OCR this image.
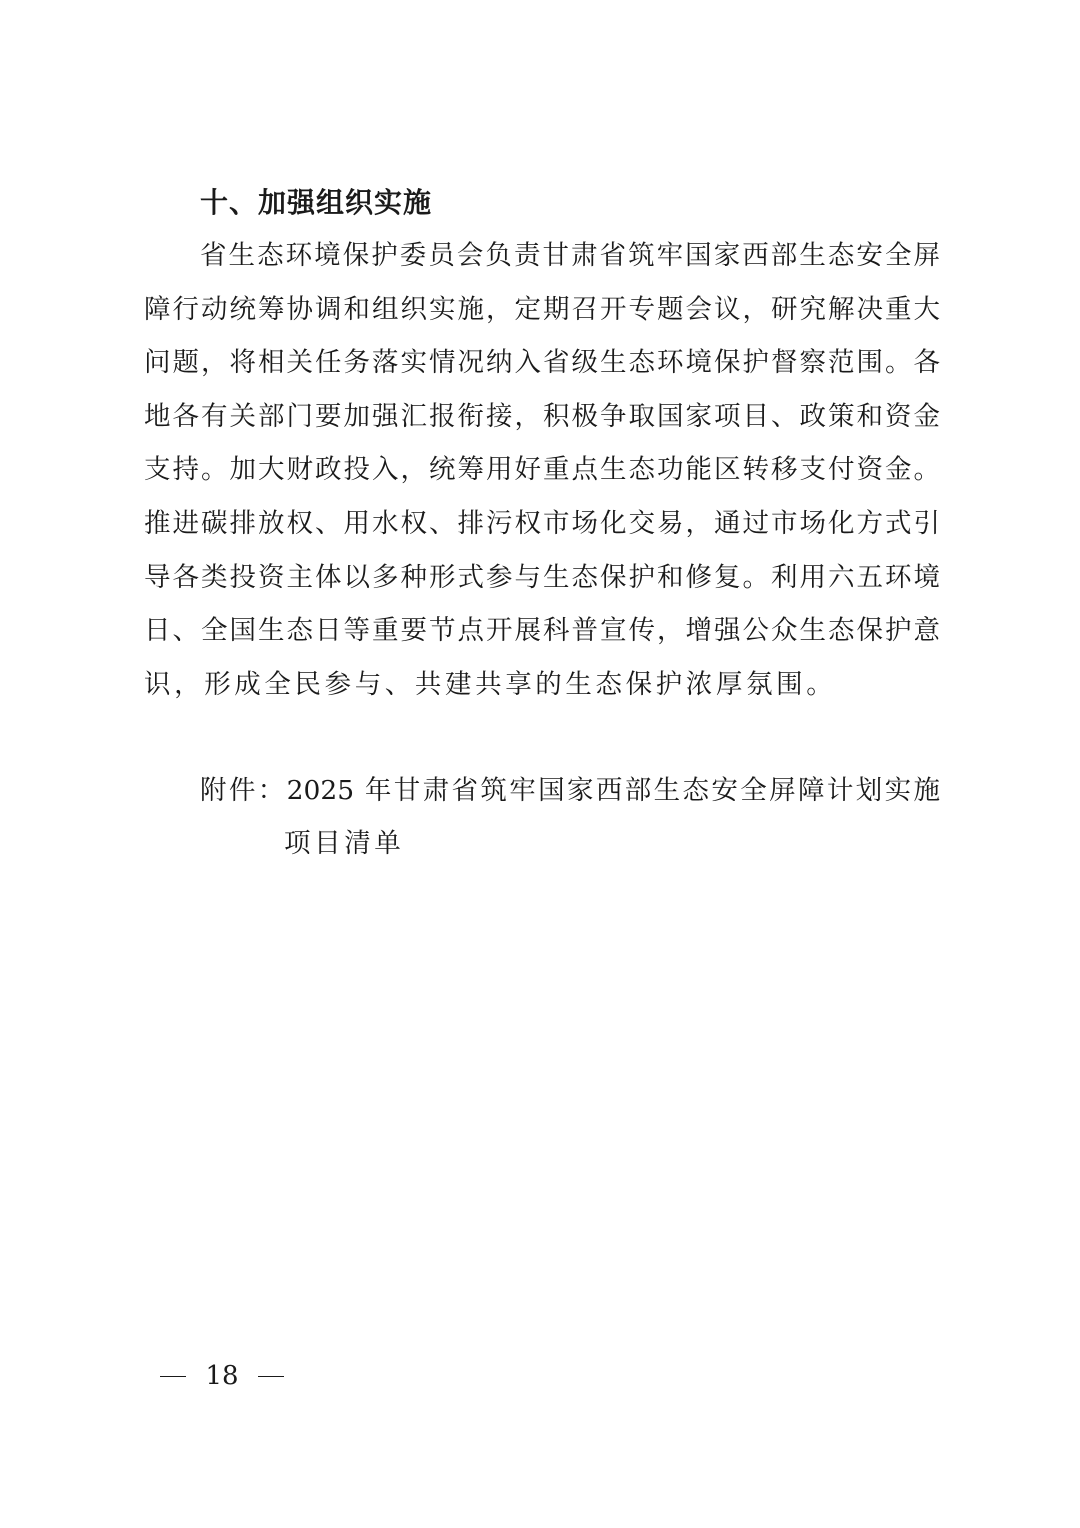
十、加强组织实施
省生态环境保护委员会负责甘肃省筑牢国家西部生态安全屏
障行动统筹协调和组织实施，定期召开专题会议，研究解决重大
问题，将相关任务落实情况纳入省级生态环境保护督察范围。各
地各有关部门要加强汇报衔接，积极争取国家项目、政策和资金
支持。加大财政投入，统筹用好重点生态功能区转移支付资金。
推进碳排放权、用水权、排污权市场化交易，通过市场化方式引
导各类投资主体以多种形式参与生态保护和修复。利用六五环境
日、全国生态日等重要节点开展科普宣传，增强公众生态保护意
识，形成全民参与、共建共享的生态保护浓厚氛围。
附件：2025 年甘肃省筑牢国家西部生态安全屏障计划实施
项目清单
18
